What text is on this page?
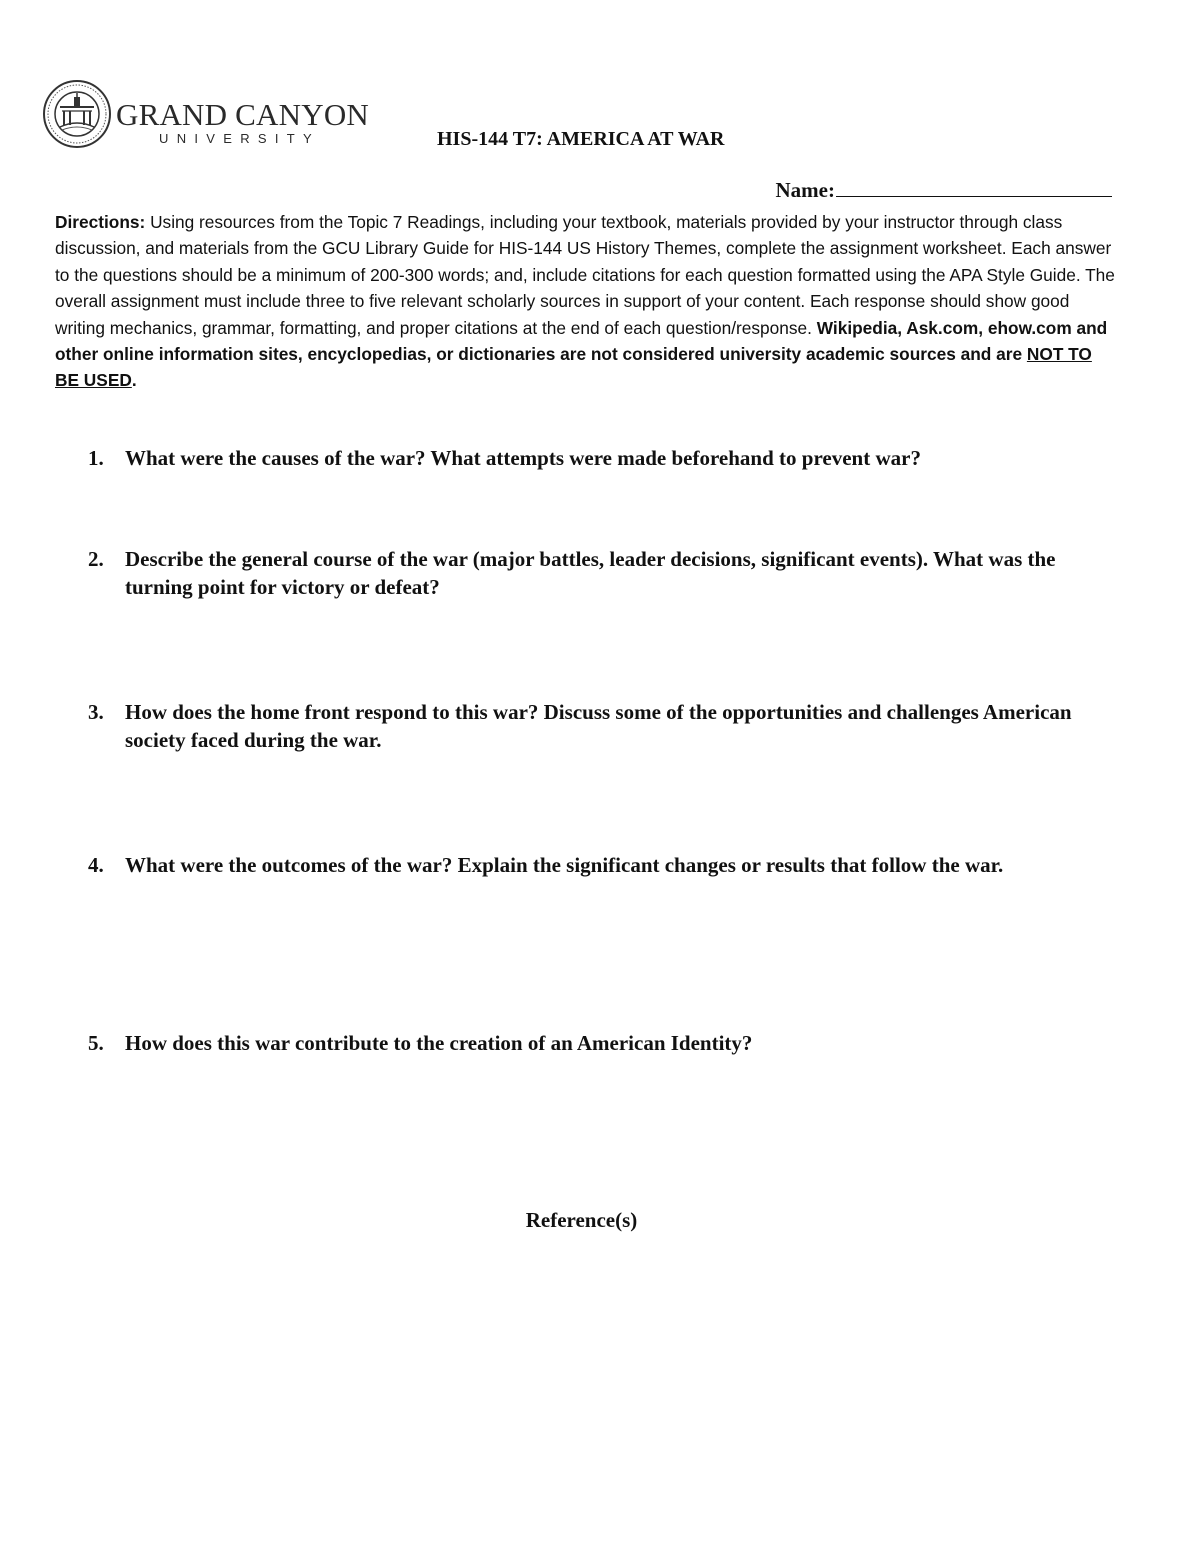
GRAND CANYON
UNIVERSITY	HIS-144 T7: AMERICA AT WAR
Name:

Directions: Using resources from the Topic 7 Readings, including your textbook, materials provided by your instructor through class discussion, and materials from the GCU Library Guide for HIS-144 US History Themes, complete the assignment worksheet. Each answer to the questions should be a minimum of 200-300 words; and, include citations for each question formatted using the APA Style Guide. The overall assignment must include three to five relevant scholarly sources in support of your content. Each response should show good writing mechanics, grammar, formatting, and proper citations at the end of each question/response. Wikipedia, Ask.com, ehow.com and other online information sites, encyclopedias, or dictionaries are not considered university academic sources and are NOT TO BE USED.

1. What were the causes of the war? What attempts were made beforehand to prevent war?
2. Describe the general course of the war (major battles, leader decisions, significant events). What was the turning point for victory or defeat?
3. How does the home front respond to this war? Discuss some of the opportunities and challenges American society faced during the war.
4. What were the outcomes of the war? Explain the significant changes or results that follow the war.
5. How does this war contribute to the creation of an American Identity?
Reference(s)
